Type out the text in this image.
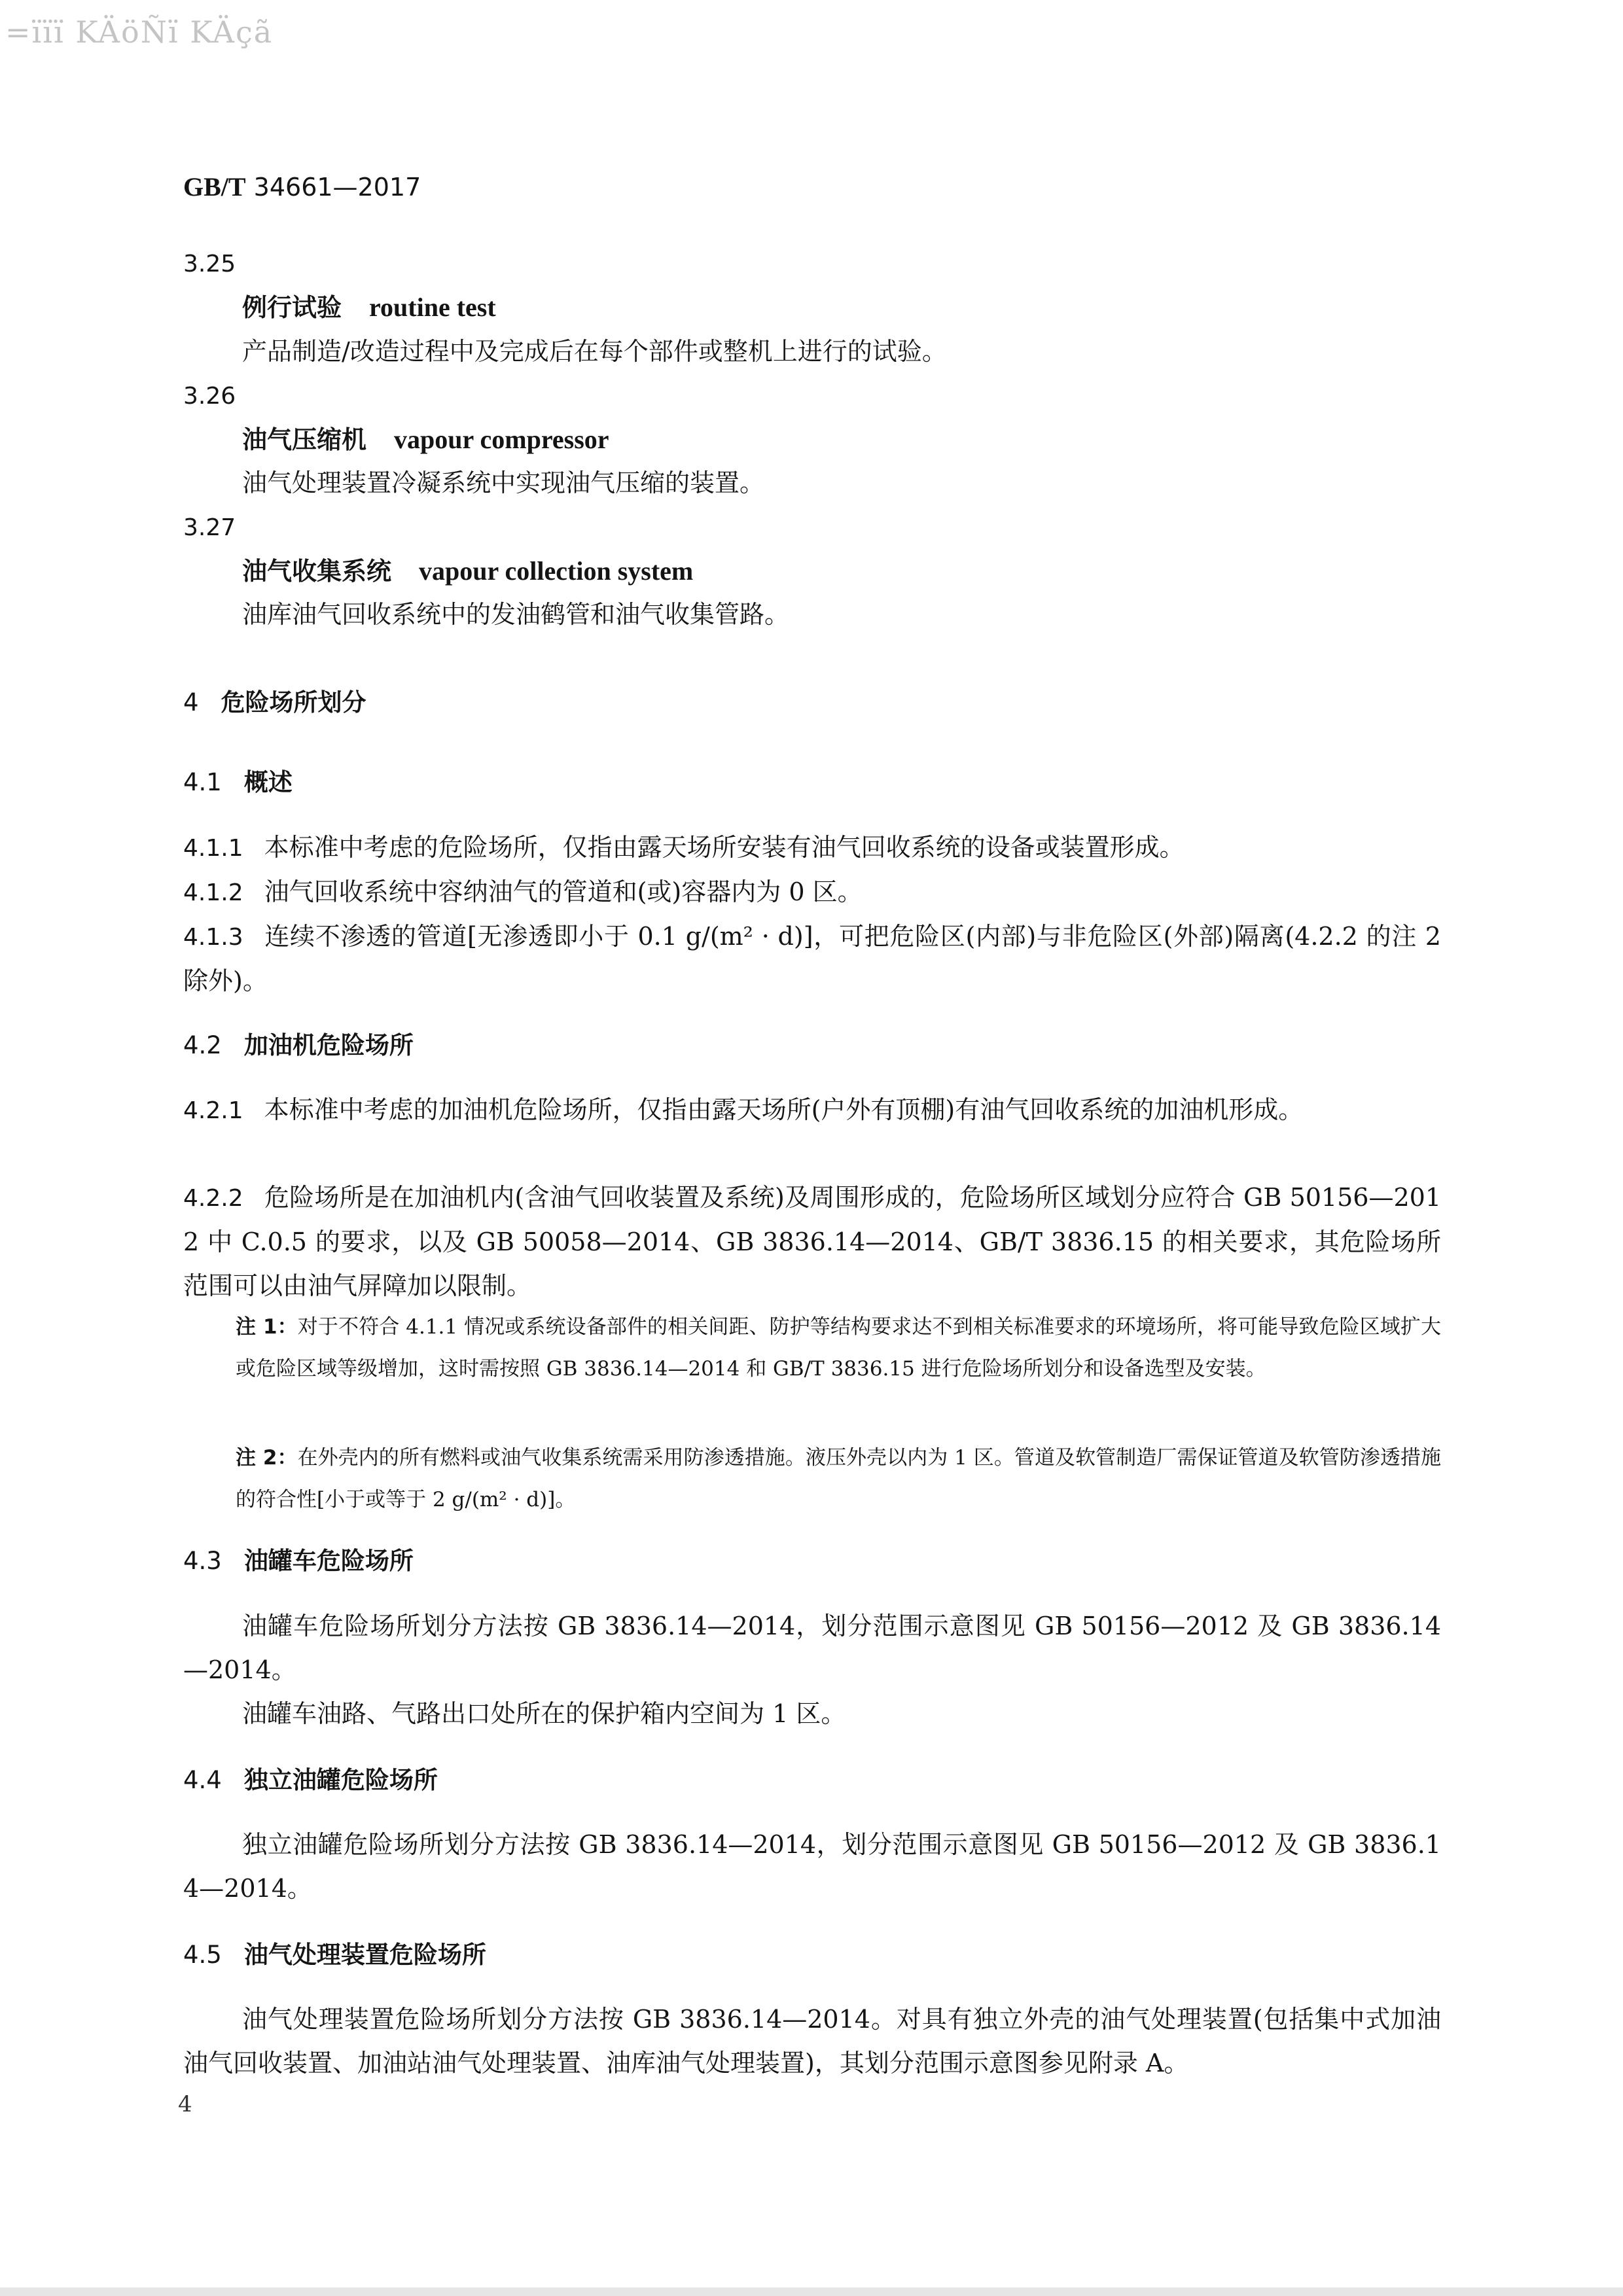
=ïïï KÄöÑï KÄçã
GB/T 34661—2017
3.25
例行试验 routine test
产品制造/改造过程中及完成后在每个部件或整机上进行的试验。
3.26
油气压缩机 vapour compressor
油气处理装置冷凝系统中实现油气压缩的装置。
3.27
油气收集系统 vapour collection system
油库油气回收系统中的发油鹤管和油气收集管路。
4 危险场所划分
4.1 概述
4.1.1 本标准中考虑的危险场所，仅指由露天场所安装有油气回收系统的设备或装置形成。
4.1.2 油气回收系统中容纳油气的管道和(或)容器内为 0 区。
4.1.3 连续不渗透的管道[无渗透即小于 0.1 g/(m² · d)]，可把危险区(内部)与非危险区(外部)隔离(4.2.2 的注 2 除外)。
4.2 加油机危险场所
4.2.1 本标准中考虑的加油机危险场所，仅指由露天场所(户外有顶棚)有油气回收系统的加油机形成。
4.2.2 危险场所是在加油机内(含油气回收装置及系统)及周围形成的，危险场所区域划分应符合 GB 50156—2012 中 C.0.5 的要求，以及 GB 50058—2014、GB 3836.14—2014、GB/T 3836.15 的相关要求，其危险场所范围可以由油气屏障加以限制。
注 1：对于不符合 4.1.1 情况或系统设备部件的相关间距、防护等结构要求达不到相关标准要求的环境场所，将可能导致危险区域扩大或危险区域等级增加，这时需按照 GB 3836.14—2014 和 GB/T 3836.15 进行危险场所划分和设备选型及安装。
注 2：在外壳内的所有燃料或油气收集系统需采用防渗透措施。液压外壳以内为 1 区。管道及软管制造厂需保证管道及软管防渗透措施的符合性[小于或等于 2 g/(m² · d)]。
4.3 油罐车危险场所
油罐车危险场所划分方法按 GB 3836.14—2014，划分范围示意图见 GB 50156—2012 及 GB 3836.14—2014。
油罐车油路、气路出口处所在的保护箱内空间为 1 区。
4.4 独立油罐危险场所
独立油罐危险场所划分方法按 GB 3836.14—2014，划分范围示意图见 GB 50156—2012 及 GB 3836.14—2014。
4.5 油气处理装置危险场所
油气处理装置危险场所划分方法按 GB 3836.14—2014。对具有独立外壳的油气处理装置(包括集中式加油油气回收装置、加油站油气处理装置、油库油气处理装置)，其划分范围示意图参见附录 A。
4
